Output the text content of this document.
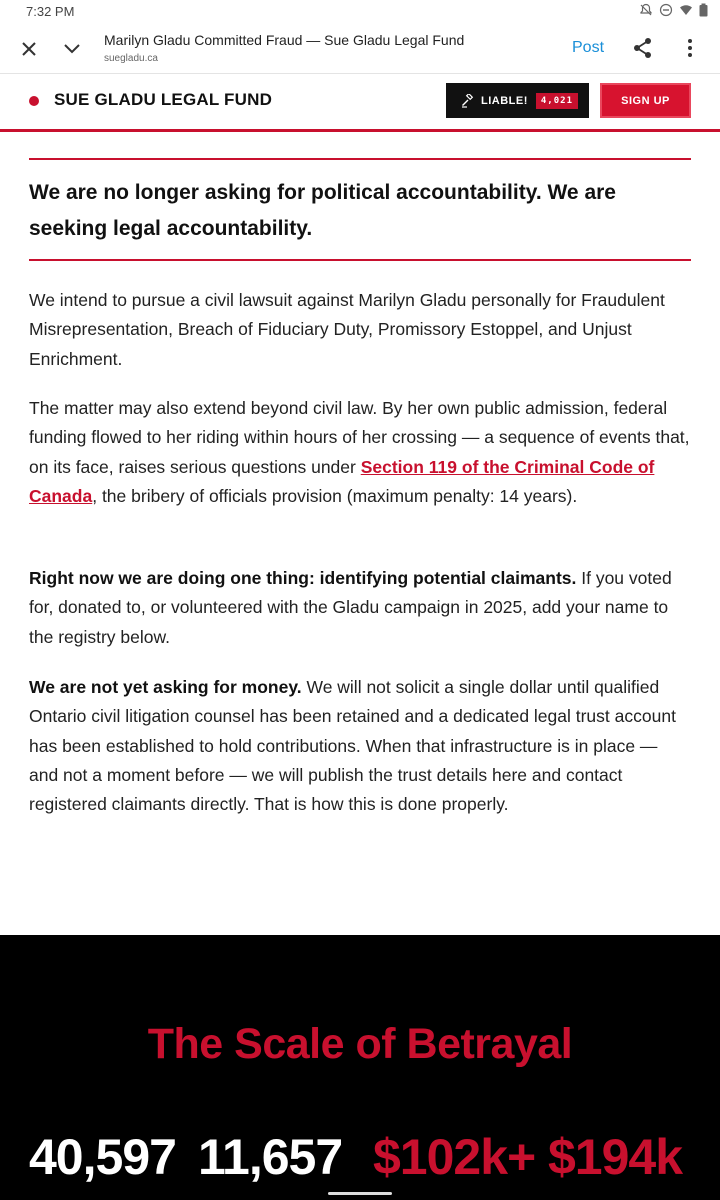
7:32 PM
Marilyn Gladu Committed Fraud — Sue Gladu Legal Fund
suegladu.ca
Post
SUE GLADU LEGAL FUND	LIABLE!	4,021	SIGN UP
We are no longer asking for political accountability. We are seeking legal accountability.

We intend to pursue a civil lawsuit against Marilyn Gladu personally for Fraudulent Misrepresentation, Breach of Fiduciary Duty, Promissory Estoppel, and Unjust Enrichment.

The matter may also extend beyond civil law. By her own public admission, federal funding flowed to her riding within hours of her crossing — a sequence of events that, on its face, raises serious questions under Section 119 of the Criminal Code of Canada, the bribery of officials provision (maximum penalty: 14 years).

Right now we are doing one thing: identifying potential claimants. If you voted for, donated to, or volunteered with the Gladu campaign in 2025, add your name to the registry below.

We are not yet asking for money. We will not solicit a single dollar until qualified Ontario civil litigation counsel has been retained and a dedicated legal trust account has been established to hold contributions. When that infrastructure is in place — and not a moment before — we will publish the trust details here and contact registered claimants directly. That is how this is done properly.

The Scale of Betrayal
40,597 11,657 $102k+ $194k
